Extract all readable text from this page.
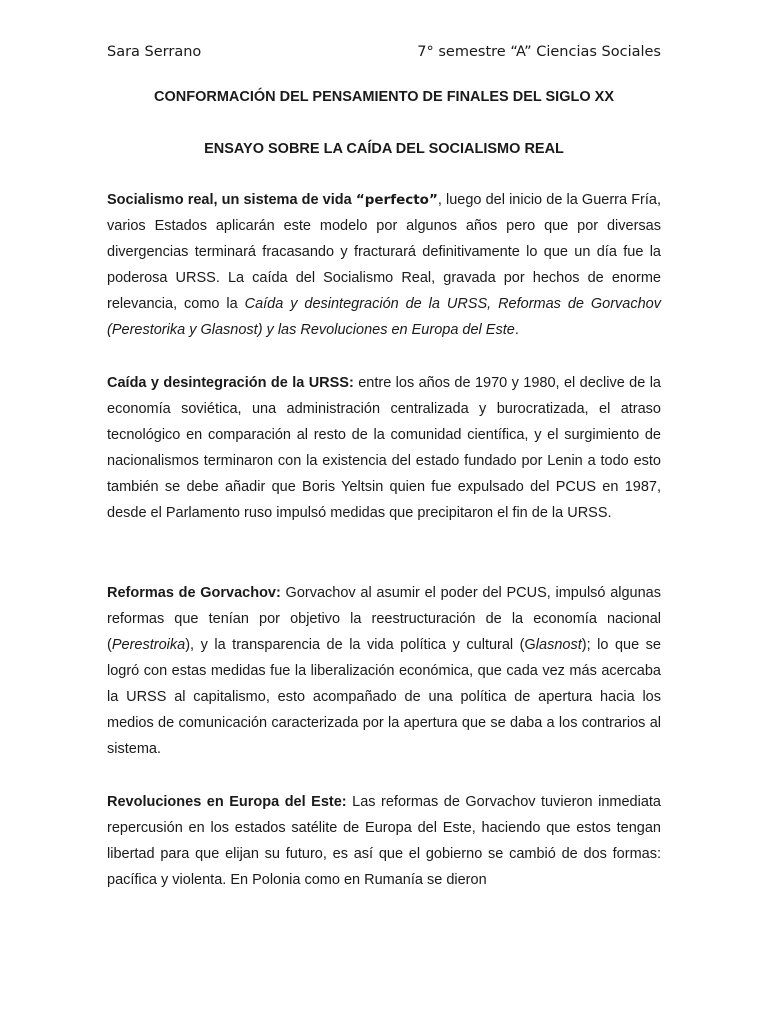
Sara Serrano	7° semestre “A” Ciencias Sociales
CONFORMACIÓN DEL PENSAMIENTO DE FINALES DEL SIGLO XX
ENSAYO SOBRE LA CAÍDA DEL SOCIALISMO REAL

Socialismo real, un sistema de vida “perfecto”, luego del inicio de la Guerra Fría, varios Estados aplicarán este modelo por algunos años pero que por diversas divergencias terminará fracasando y fracturará definitivamente lo que un día fue la poderosa URSS. La caída del Socialismo Real, gravada por hechos de enorme relevancia, como la Caída y desintegración de la URSS, Reformas de Gorvachov (Perestorika y Glasnost) y las Revoluciones en Europa del Este.

Caída y desintegración de la URSS: entre los años de 1970 y 1980, el declive de la economía soviética, una administración centralizada y burocratizada, el atraso tecnológico en comparación al resto de la comunidad científica, y el surgimiento de nacionalismos terminaron con la existencia del estado fundado por Lenin a todo esto también se debe añadir que Boris Yeltsin quien fue expulsado del PCUS en 1987, desde el Parlamento ruso impulsó medidas que precipitaron el fin de la URSS.

Reformas de Gorvachov: Gorvachov al asumir el poder del PCUS, impulsó algunas reformas que tenían por objetivo la reestructuración de la economía nacional (Perestroika), y la transparencia de la vida política y cultural (Glasnost); lo que se logró con estas medidas fue la liberalización económica, que cada vez más acercaba la URSS al capitalismo, esto acompañado de una política de apertura hacia los medios de comunicación caracterizada por la apertura que se daba a los contrarios al sistema.

Revoluciones en Europa del Este: Las reformas de Gorvachov tuvieron inmediata repercusión en los estados satélite de Europa del Este, haciendo que estos tengan libertad para que elijan su futuro, es así que el gobierno se cambió de dos formas: pacífica y violenta. En Polonia como en Rumanía se dieron
